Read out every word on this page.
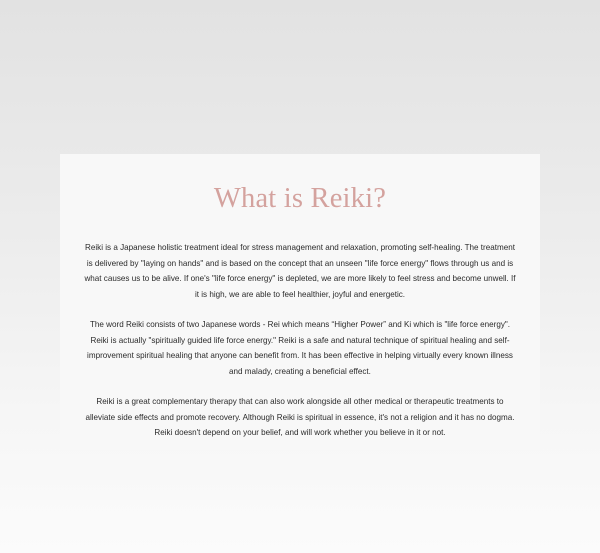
What is Reiki?

Reiki is a Japanese holistic treatment ideal for stress management and relaxation, promoting self-healing. The treatment is delivered by "laying on hands" and is based on the concept that an unseen "life force energy" flows through us and is what causes us to be alive. If one's "life force energy" is depleted, we are more likely to feel stress and become unwell. If it is high, we are able to feel healthier, joyful and energetic.

The word Reiki consists of two Japanese words - Rei which means “Higher Power” and Ki which is "life force energy". Reiki is actually "spiritually guided life force energy." Reiki is a safe and natural technique of spiritual healing and self-improvement spiritual healing that anyone can benefit from. It has been effective in helping virtually every known illness and malady, creating a beneficial effect.

Reiki is a great complementary therapy that can also work alongside all other medical or therapeutic treatments to alleviate side effects and promote recovery. Although Reiki is spiritual in essence, it's not a religion and it has no dogma. Reiki doesn't depend on your belief, and will work whether you believe in it or not.
